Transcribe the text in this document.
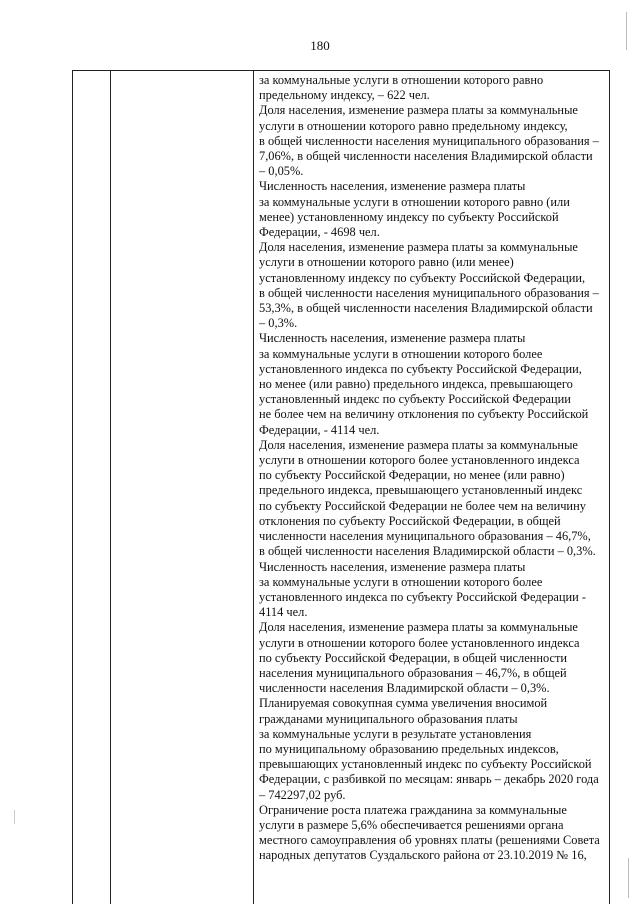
180
за коммунальные услуги в отношении которого равно
предельному индексу, – 622 чел.
Доля населения, изменение размера платы за коммунальные
услуги в отношении которого равно предельному индексу,
в общей численности населения муниципального образования –
7,06%, в общей численности населения Владимирской области
– 0,05%.
Численность населения, изменение размера платы
за коммунальные услуги в отношении которого равно (или
менее) установленному индексу по субъекту Российской
Федерации, - 4698 чел.
Доля населения, изменение размера платы за коммунальные
услуги в отношении которого равно (или менее)
установленному индексу по субъекту Российской Федерации,
в общей численности населения муниципального образования –
53,3%, в общей численности населения Владимирской области
– 0,3%.
Численность населения, изменение размера платы
за коммунальные услуги в отношении которого более
установленного индекса по субъекту Российской Федерации,
но менее (или равно) предельного индекса, превышающего
установленный индекс по субъекту Российской Федерации
не более чем на величину отклонения по субъекту Российской
Федерации, - 4114 чел.
Доля населения, изменение размера платы за коммунальные
услуги в отношении которого более установленного индекса
по субъекту Российской Федерации, но менее (или равно)
предельного индекса, превышающего установленный индекс
по субъекту Российской Федерации не более чем на величину
отклонения по субъекту Российской Федерации, в общей
численности населения муниципального образования – 46,7%,
в общей численности населения Владимирской области – 0,3%.
Численность населения, изменение размера платы
за коммунальные услуги в отношении которого более
установленного индекса по субъекту Российской Федерации -
4114 чел.
Доля населения, изменение размера платы за коммунальные
услуги в отношении которого более установленного индекса
по субъекту Российской Федерации, в общей численности
населения муниципального образования – 46,7%, в общей
численности населения Владимирской области – 0,3%.
Планируемая совокупная сумма увеличения вносимой
гражданами муниципального образования платы
за коммунальные услуги в результате установления
по муниципальному образованию предельных индексов,
превышающих установленный индекс по субъекту Российской
Федерации, с разбивкой по месяцам: январь – декабрь 2020 года
– 742297,02 руб.
Ограничение роста платежа гражданина за коммунальные
услуги в размере 5,6% обеспечивается решениями органа
местного самоуправления об уровнях платы (решениями Совета
народных депутатов Суздальского района от 23.10.2019 № 16,
